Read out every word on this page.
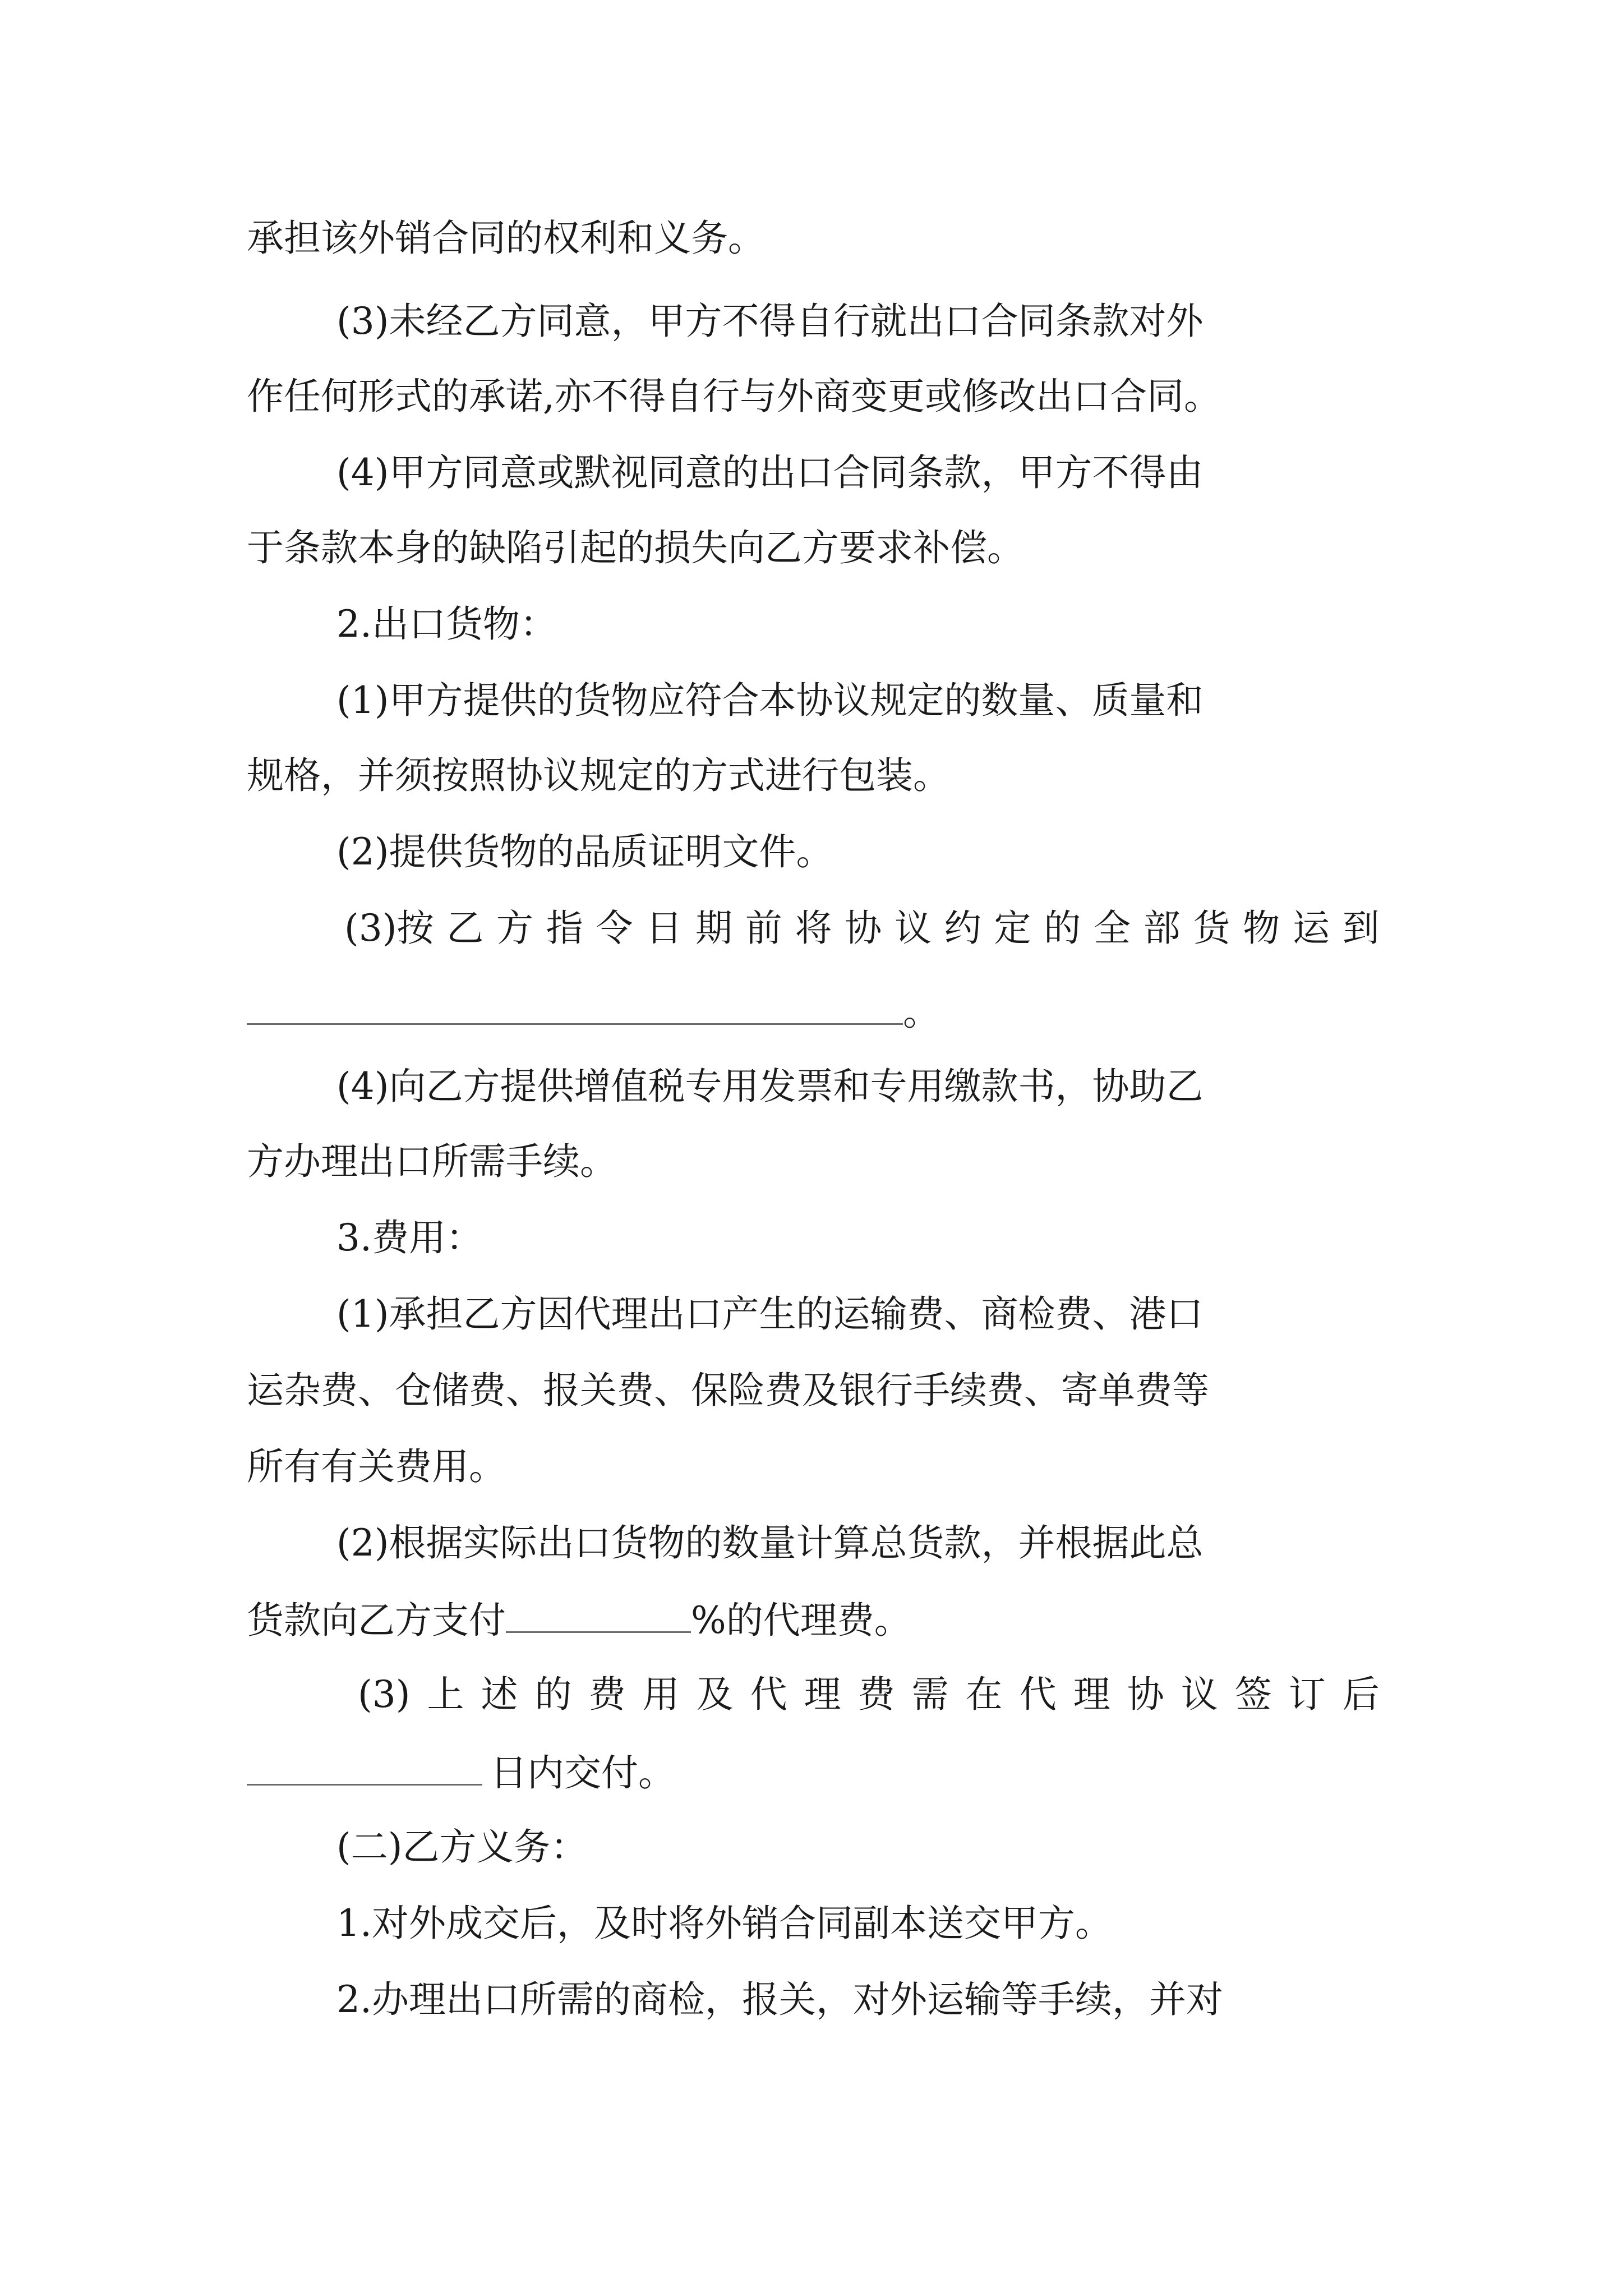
承担该外销合同的权利和义务。
(3)未经乙方同意，甲方不得自行就出口合同条款对外
作任何形式的承诺,亦不得自行与外商变更或修改出口合同。
(4)甲方同意或默视同意的出口合同条款，甲方不得由
于条款本身的缺陷引起的损失向乙方要求补偿。
2.出口货物：
(1)甲方提供的货物应符合本协议规定的数量、质量和
规格，并须按照协议规定的方式进行包装。
(2)提供货物的品质证明文件。
(3)按 乙 方 指 令 日 期 前 将 协 议 约 定 的 全 部 货 物 运 到
。
(4)向乙方提供增值税专用发票和专用缴款书，协助乙
方办理出口所需手续。
3.费用：
(1)承担乙方因代理出口产生的运输费、商检费、港口
运杂费、仓储费、报关费、保险费及银行手续费、寄单费等
所有有关费用。
(2)根据实际出口货物的数量计算总货款，并根据此总
货款向乙方支付	%的代理费。
(3) 上 述 的 费 用 及 代 理 费 需 在 代 理 协 议 签 订 后
日内交付。
(二)乙方义务：
1.对外成交后，及时将外销合同副本送交甲方。
2.办理出口所需的商检，报关，对外运输等手续，并对
